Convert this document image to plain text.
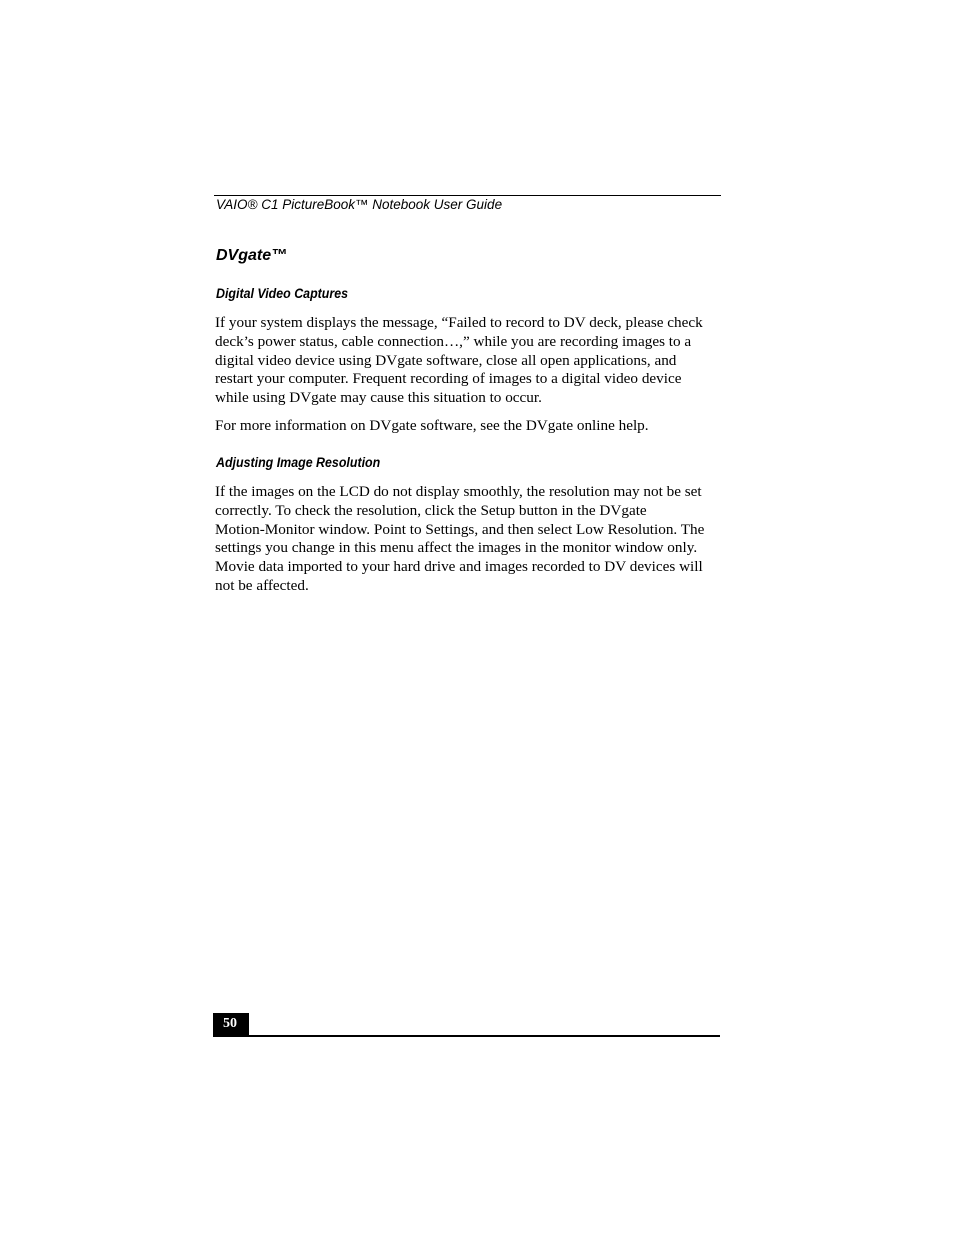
VAIO® C1 PictureBook™ Notebook User Guide
DVgate™
Digital Video Captures
If your system displays the message, “Failed to record to DV deck, please check
deck’s power status, cable connection…,” while you are recording images to a
digital video device using DVgate software, close all open applications, and
restart your computer. Frequent recording of images to a digital video device
while using DVgate may cause this situation to occur.
For more information on DVgate software, see the DVgate online help.
Adjusting Image Resolution
If the images on the LCD do not display smoothly, the resolution may not be set
correctly. To check the resolution, click the Setup button in the DVgate
Motion-Monitor window. Point to Settings, and then select Low Resolution. The
settings you change in this menu affect the images in the monitor window only.
Movie data imported to your hard drive and images recorded to DV devices will
not be affected.
50
